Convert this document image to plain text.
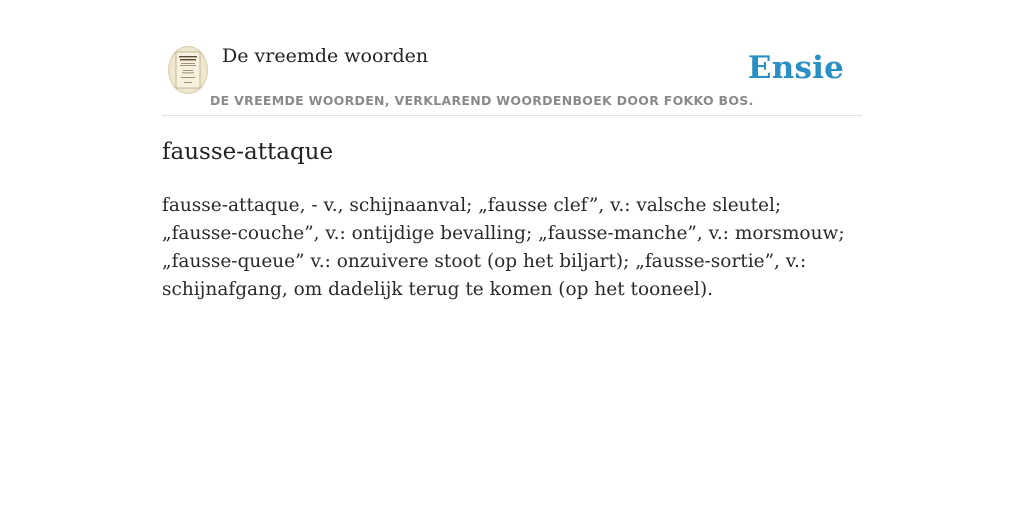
De vreemde woorden
DE VREEMDE WOORDEN, VERKLAREND WOORDENBOEK DOOR FOKKO BOS.
Ensie
fausse-attaque

fausse-attaque, - v., schijnaanval; „fausse clef”, v.: valsche sleutel; „fausse-couche”, v.: ontijdige bevalling; „fausse-manche”, v.: morsmouw; „fausse-queue” v.: onzuivere stoot (op het biljart); „fausse-sortie”, v.: schijnafgang, om dadelijk terug te komen (op het tooneel).
